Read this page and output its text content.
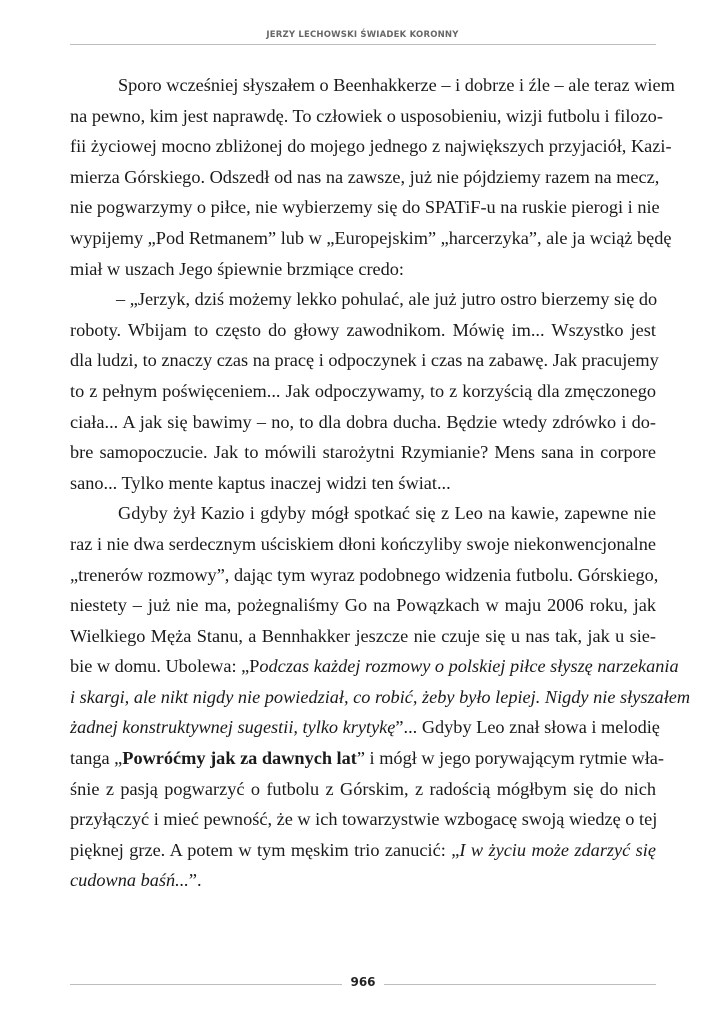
JERZY LECHOWSKI ŚWIADEK KORONNY
Sporo wcześniej słyszałem o Beenhakkerze – i dobrze i źle – ale teraz wiem
na pewno, kim jest naprawdę. To człowiek o usposobieniu, wizji futbolu i filozo-
fii życiowej mocno zbliżonej do mojego jednego z największych przyjaciół, Kazi-
mierza Górskiego. Odszedł od nas na zawsze, już nie pójdziemy razem na mecz,
nie pogwarzymy o piłce, nie wybierzemy się do SPATiF-u na ruskie pierogi i nie
wypijemy „Pod Retmanem” lub w „Europejskim” „harcerzyka”, ale ja wciąż będę
miał w uszach Jego śpiewnie brzmiące credo:
– „Jerzyk, dziś możemy lekko pohulać, ale już jutro ostro bierzemy się do
roboty. Wbijam to często do głowy zawodnikom. Mówię im... Wszystko jest
dla ludzi, to znaczy czas na pracę i odpoczynek i czas na zabawę. Jak pracujemy
to z pełnym poświęceniem... Jak odpoczywamy, to z korzyścią dla zmęczonego
ciała... A jak się bawimy – no, to dla dobra ducha. Będzie wtedy zdrówko i do-
bre samopoczucie. Jak to mówili starożytni Rzymianie? Mens sana in corpore
sano... Tylko mente kaptus inaczej widzi ten świat...
Gdyby żył Kazio i gdyby mógł spotkać się z Leo na kawie, zapewne nie
raz i nie dwa serdecznym uściskiem dłoni kończyliby swoje niekonwencjonalne
„trenerów rozmowy”, dając tym wyraz podobnego widzenia futbolu. Górskiego,
niestety – już nie ma, pożegnaliśmy Go na Powązkach w maju 2006 roku, jak
Wielkiego Męża Stanu, a Bennhakker jeszcze nie czuje się u nas tak, jak u sie-
bie w domu. Ubolewa: „Podczas każdej rozmowy o polskiej piłce słyszę narzekania
i skargi, ale nikt nigdy nie powiedział, co robić, żeby było lepiej. Nigdy nie słyszałem
żadnej konstruktywnej sugestii, tylko krytykę”... Gdyby Leo znał słowa i melodię
tanga „Powróćmy jak za dawnych lat” i mógł w jego porywającym rytmie wła-
śnie z pasją pogwarzyć o futbolu z Górskim, z radością mógłbym się do nich
przyłączyć i mieć pewność, że w ich towarzystwie wzbogacę swoją wiedzę o tej
pięknej grze. A potem w tym męskim trio zanucić: „I w życiu może zdarzyć się
cudowna baśń...”.
966
